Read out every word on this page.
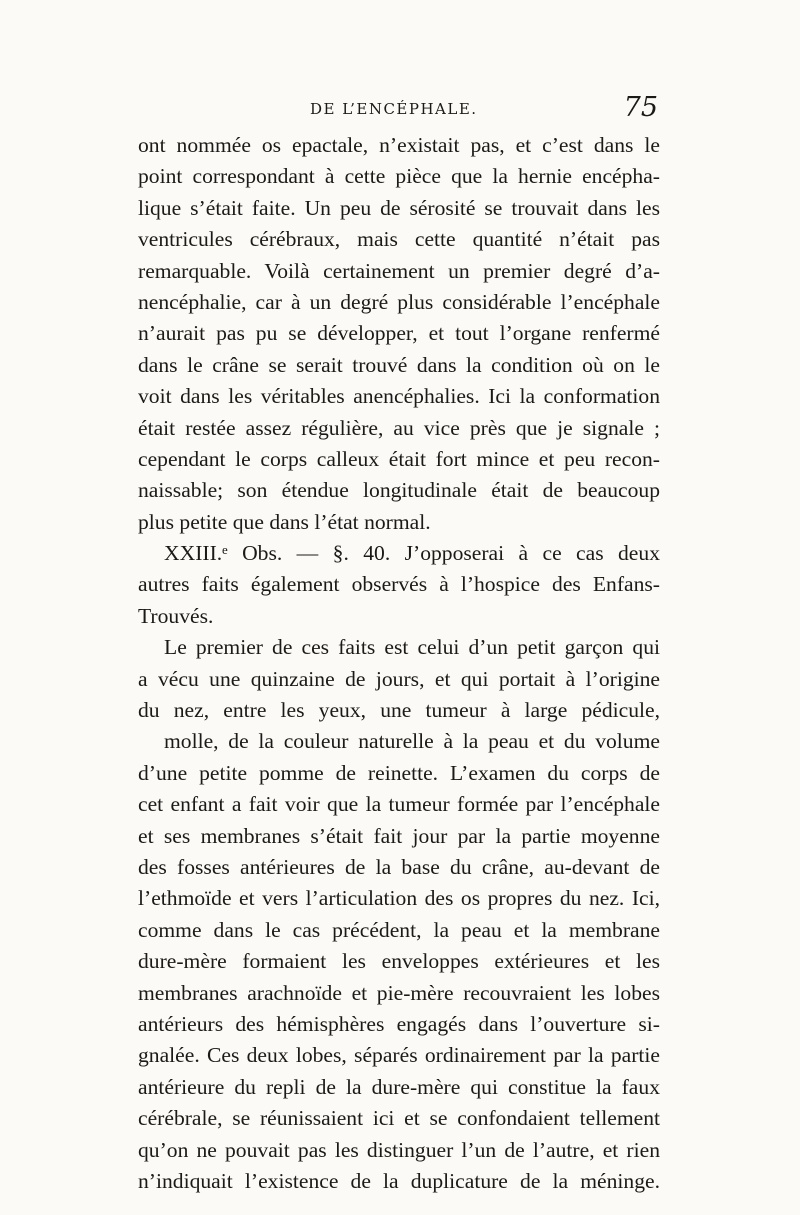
DE L’ENCÉPHALE.	75
ont nommée os epactale, n’existait pas, et c’est dans le
point correspondant à cette pièce que la hernie encépha-
lique s’était faite. Un peu de sérosité se trouvait dans les
ventricules cérébraux, mais cette quantité n’était pas
remarquable. Voilà certainement un premier degré d’a-
nencéphalie, car à un degré plus considérable l’encéphale
n’aurait pas pu se développer, et tout l’organe renfermé
dans le crâne se serait trouvé dans la condition où on le
voit dans les véritables anencéphalies. Ici la conformation
était restée assez régulière, au vice près que je signale ;
cependant le corps calleux était fort mince et peu recon-
naissable; son étendue longitudinale était de beaucoup
plus petite que dans l’état normal.
XXIII.ᵉ Obs. — §. 40. J’opposerai à ce cas deux
autres faits également observés à l’hospice des Enfans-
Trouvés.
Le premier de ces faits est celui d’un petit garçon qui
a vécu une quinzaine de jours, et qui portait à l’origine
du nez, entre les yeux, une tumeur à large pédicule,
molle, de la couleur naturelle à la peau et du volume
d’une petite pomme de reinette. L’examen du corps de
cet enfant a fait voir que la tumeur formée par l’encéphale
et ses membranes s’était fait jour par la partie moyenne
des fosses antérieures de la base du crâne, au-devant de
l’ethmoïde et vers l’articulation des os propres du nez. Ici,
comme dans le cas précédent, la peau et la membrane
dure-mère formaient les enveloppes extérieures et les
membranes arachnoïde et pie-mère recouvraient les lobes
antérieurs des hémisphères engagés dans l’ouverture si-
gnalée. Ces deux lobes, séparés ordinairement par la partie
antérieure du repli de la dure-mère qui constitue la faux
cérébrale, se réunissaient ici et se confondaient tellement
qu’on ne pouvait pas les distinguer l’un de l’autre, et rien
n’indiquait l’existence de la duplicature de la méninge.
